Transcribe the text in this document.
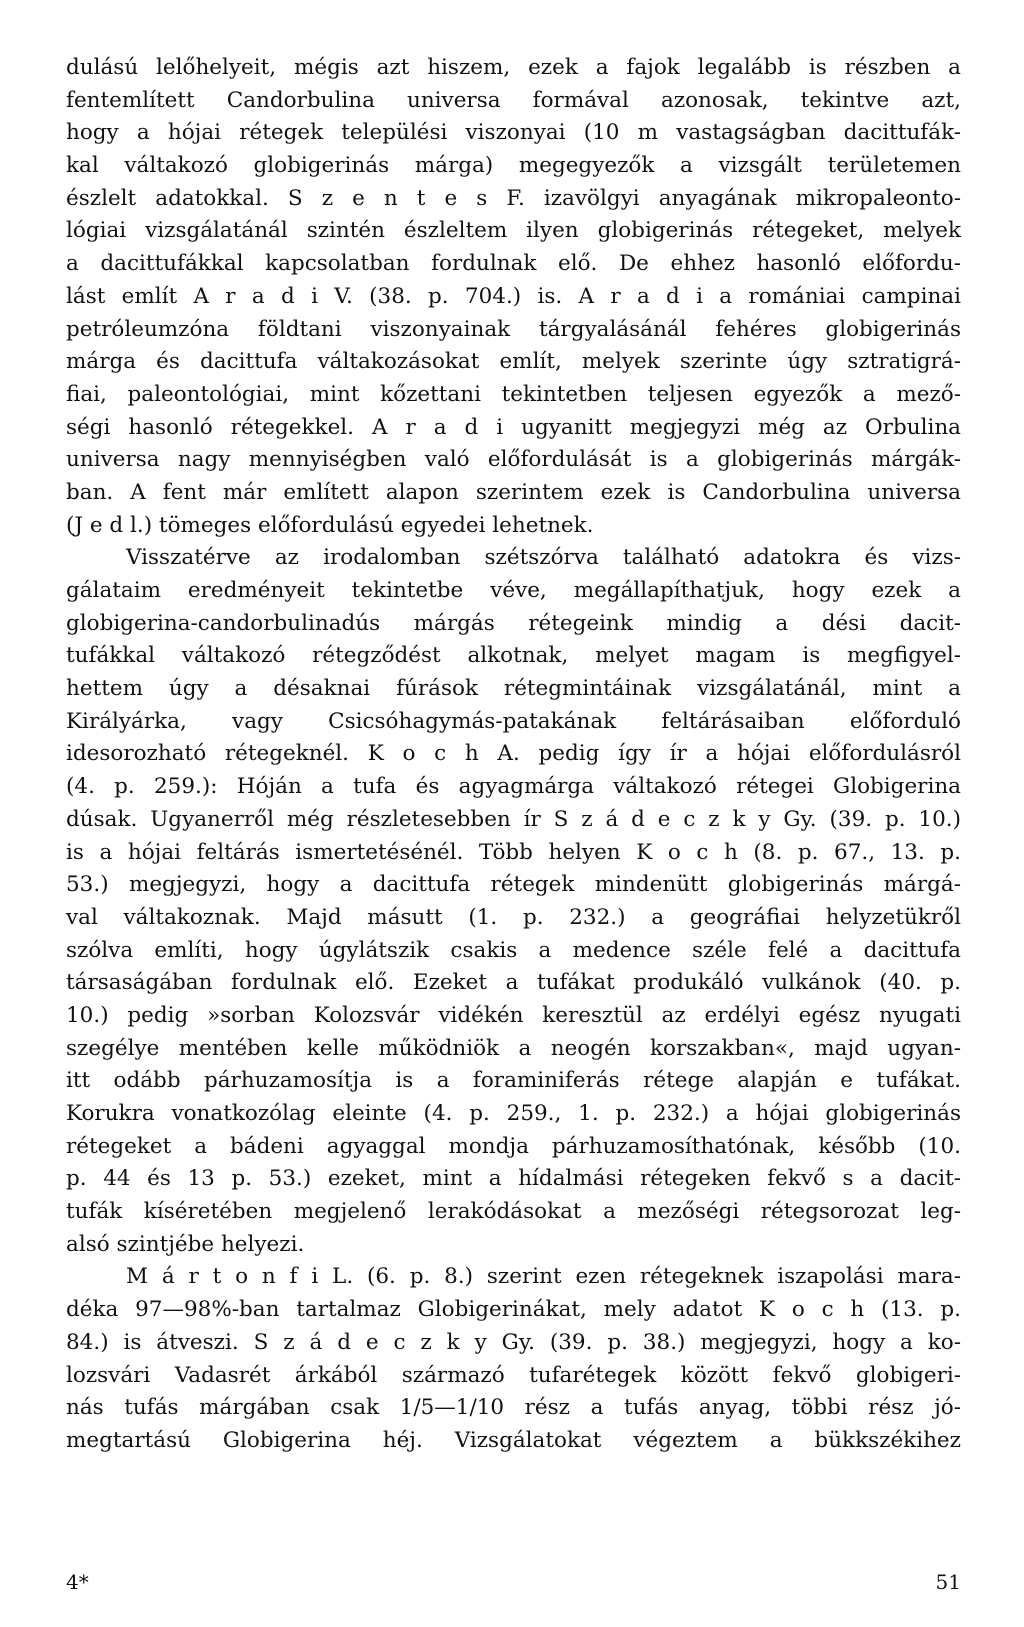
dulású lelőhelyeit, mégis azt hiszem, ezek a fajok legalább is részben a
fentemlített Candorbulina universa formával azonosak, tekintve azt,
hogy a hójai rétegek települési viszonyai (10 m vastagságban dacittufák-
kal váltakozó globigerinás márga) megegyezők a vizsgált területemen
észlelt adatokkal. S z e n t e s F. izavölgyi anyagának mikropaleonto-
lógiai vizsgálatánál szintén észleltem ilyen globigerinás rétegeket, melyek
a dacittufákkal kapcsolatban fordulnak elő. De ehhez hasonló előfordu-
lást említ A r a d i V. (38. p. 704.) is. A r a d i a romániai campinai
petróleumzóna földtani viszonyainak tárgyalásánál fehéres globigerinás
márga és dacittufa váltakozásokat említ, melyek szerinte úgy sztratigrá-
fiai, paleontológiai, mint kőzettani tekintetben teljesen egyezők a mező-
ségi hasonló rétegekkel. A r a d i ugyanitt megjegyzi még az Orbulina
universa nagy mennyiségben való előfordulását is a globigerinás márgák-
ban. A fent már említett alapon szerintem ezek is Candorbulina universa
(J e d l.) tömeges előfordulású egyedei lehetnek.
Visszatérve az irodalomban szétszórva található adatokra és vizs-
gálataim eredményeit tekintetbe véve, megállapíthatjuk, hogy ezek a
globigerina-candorbulinadús márgás rétegeink mindig a dési dacit-
tufákkal váltakozó rétegződést alkotnak, melyet magam is megfigyel-
hettem úgy a désaknai fúrások rétegmintáinak vizsgálatánál, mint a
Királyárka, vagy Csicsóhagymás-patakának feltárásaiban előforduló
idesorozható rétegeknél. K o c h A. pedig így ír a hójai előfordulásról
(4. p. 259.): Hóján a tufa és agyagmárga váltakozó rétegei Globigerina
dúsak. Ugyanerről még részletesebben ír S z á d e c z k y Gy. (39. p. 10.)
is a hójai feltárás ismertetésénél. Több helyen K o c h (8. p. 67., 13. p.
53.) megjegyzi, hogy a dacittufa rétegek mindenütt globigerinás márgá-
val váltakoznak. Majd másutt (1. p. 232.) a geográfiai helyzetükről
szólva említi, hogy úgylátszik csakis a medence széle felé a dacittufa
társaságában fordulnak elő. Ezeket a tufákat produkáló vulkánok (40. p.
10.) pedig »sorban Kolozsvár vidékén keresztül az erdélyi egész nyugati
szegélye mentében kelle működniök a neogén korszakban«, majd ugyan-
itt odább párhuzamosítja is a foraminiferás rétege alapján e tufákat.
Korukra vonatkozólag eleinte (4. p. 259., 1. p. 232.) a hójai globigerinás
rétegeket a bádeni agyaggal mondja párhuzamosíthatónak, később (10.
p. 44 és 13 p. 53.) ezeket, mint a hídalmási rétegeken fekvő s a dacit-
tufák kíséretében megjelenő lerakódásokat a mezőségi rétegsorozat leg-
alsó szintjébe helyezi.
M á r t o n f i L. (6. p. 8.) szerint ezen rétegeknek iszapolási mara-
déka 97—98%-ban tartalmaz Globigerinákat, mely adatot K o c h (13. p.
84.) is átveszi. S z á d e c z k y Gy. (39. p. 38.) megjegyzi, hogy a ko-
lozsvári Vadasrét árkából származó tufarétegek között fekvő globigeri-
nás tufás márgában csak 1/5—1/10 rész a tufás anyag, többi rész jó-
megtartású Globigerina héj. Vizsgálatokat végeztem a bükkszékihez
4*	51
